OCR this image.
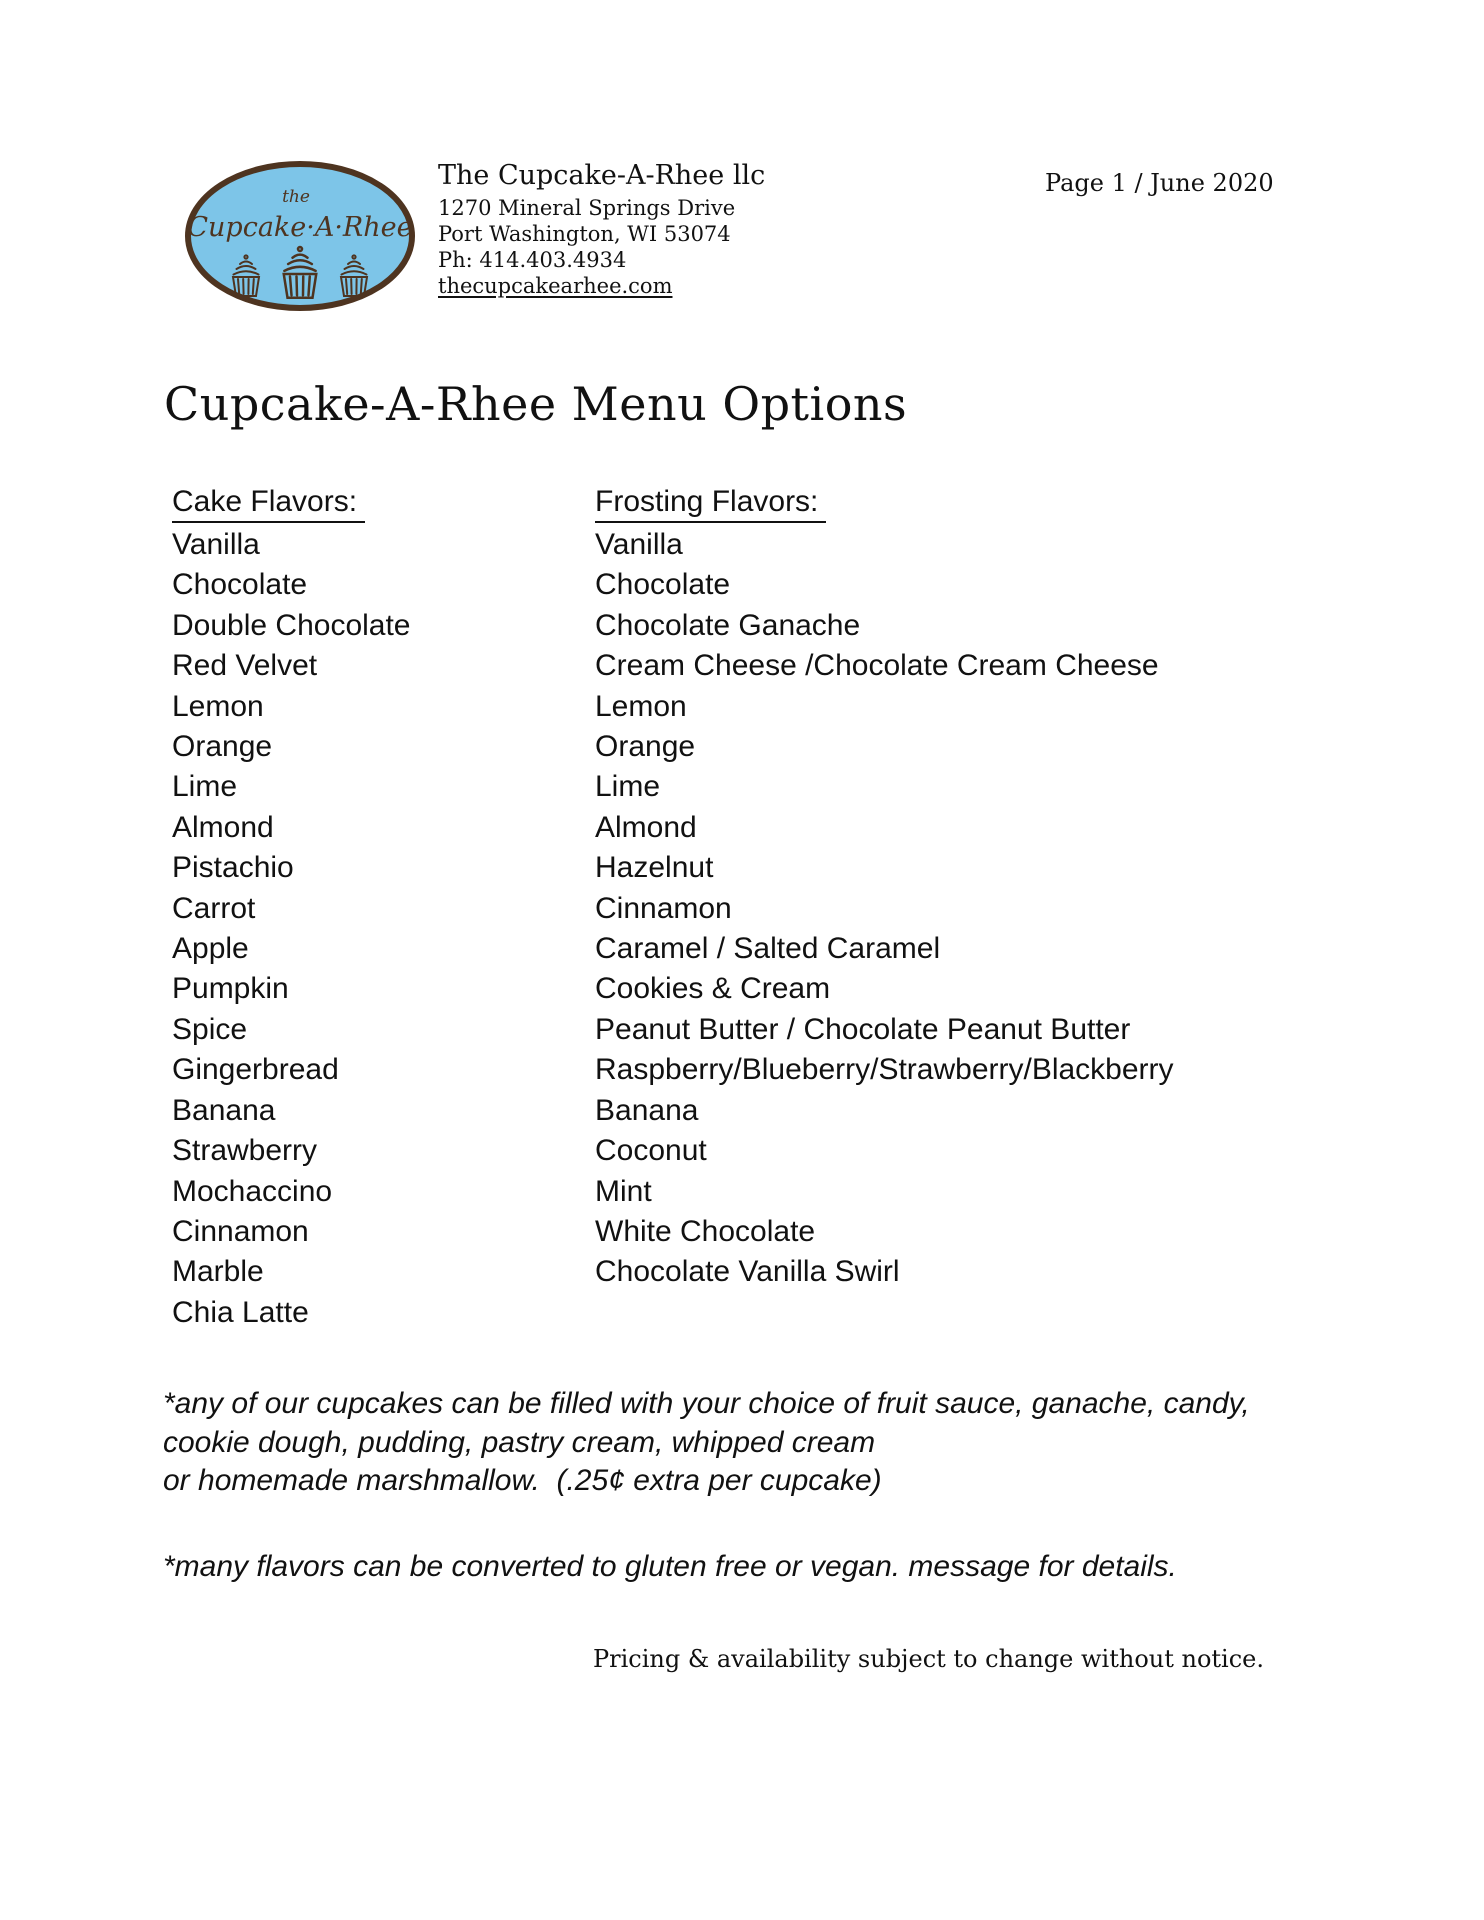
the
Cupcake·A·Rhee
The Cupcake-A-Rhee llc
1270 Mineral Springs Drive
Port Washington, WI 53074
Ph: 414.403.4934
thecupcakearhee.com
Page 1 / June 2020
Cupcake-A-Rhee Menu Options
Cake Flavors:
Vanilla
Chocolate
Double Chocolate
Red Velvet
Lemon
Orange
Lime
Almond
Pistachio
Carrot
Apple
Pumpkin
Spice
Gingerbread
Banana
Strawberry
Mochaccino
Cinnamon
Marble
Chia Latte
Frosting Flavors:
Vanilla
Chocolate
Chocolate Ganache
Cream Cheese /Chocolate Cream Cheese
Lemon
Orange
Lime
Almond
Hazelnut
Cinnamon
Caramel / Salted Caramel
Cookies & Cream
Peanut Butter / Chocolate Peanut Butter
Raspberry/Blueberry/Strawberry/Blackberry
Banana
Coconut
Mint
White Chocolate
Chocolate Vanilla Swirl
*any of our cupcakes can be filled with your choice of fruit sauce, ganache, candy,
cookie dough, pudding, pastry cream, whipped cream
or homemade marshmallow.  (.25¢ extra per cupcake)
*many flavors can be converted to gluten free or vegan. message for details.
Pricing & availability subject to change without notice.
